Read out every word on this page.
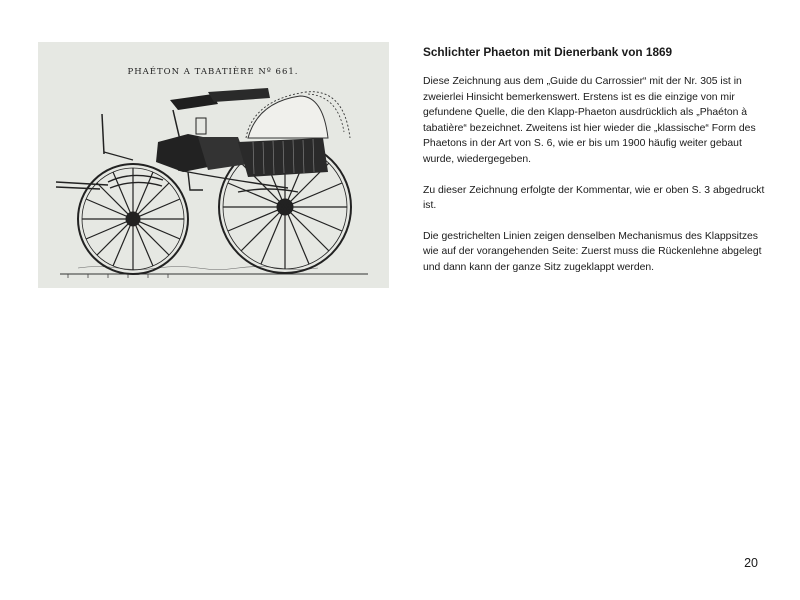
PHAÉTON A TABATIÈRE Nº 661.
Schlichter Phaeton mit Dienerbank von 1869

Diese Zeichnung aus dem „Guide du Carrossier“ mit der Nr. 305 ist in zweierlei Hinsicht bemerkenswert. Erstens ist es die einzige von mir gefundene Quelle, die den Klapp-Phaeton ausdrücklich als „Phaéton à tabatière“ bezeichnet. Zweitens ist hier wieder die „klassische“ Form des Phaetons in der Art von S. 6, wie er bis um 1900 häufig weiter gebaut wurde, wiedergegeben.

Zu dieser Zeichnung erfolgte der Kommentar, wie er oben S. 3 abgedruckt ist.

Die gestrichelten Linien zeigen denselben Mechanismus des Klappsitzes wie auf der vorangehenden Seite: Zuerst muss die Rückenlehne abgelegt und dann kann der ganze Sitz zugeklappt werden.

20
